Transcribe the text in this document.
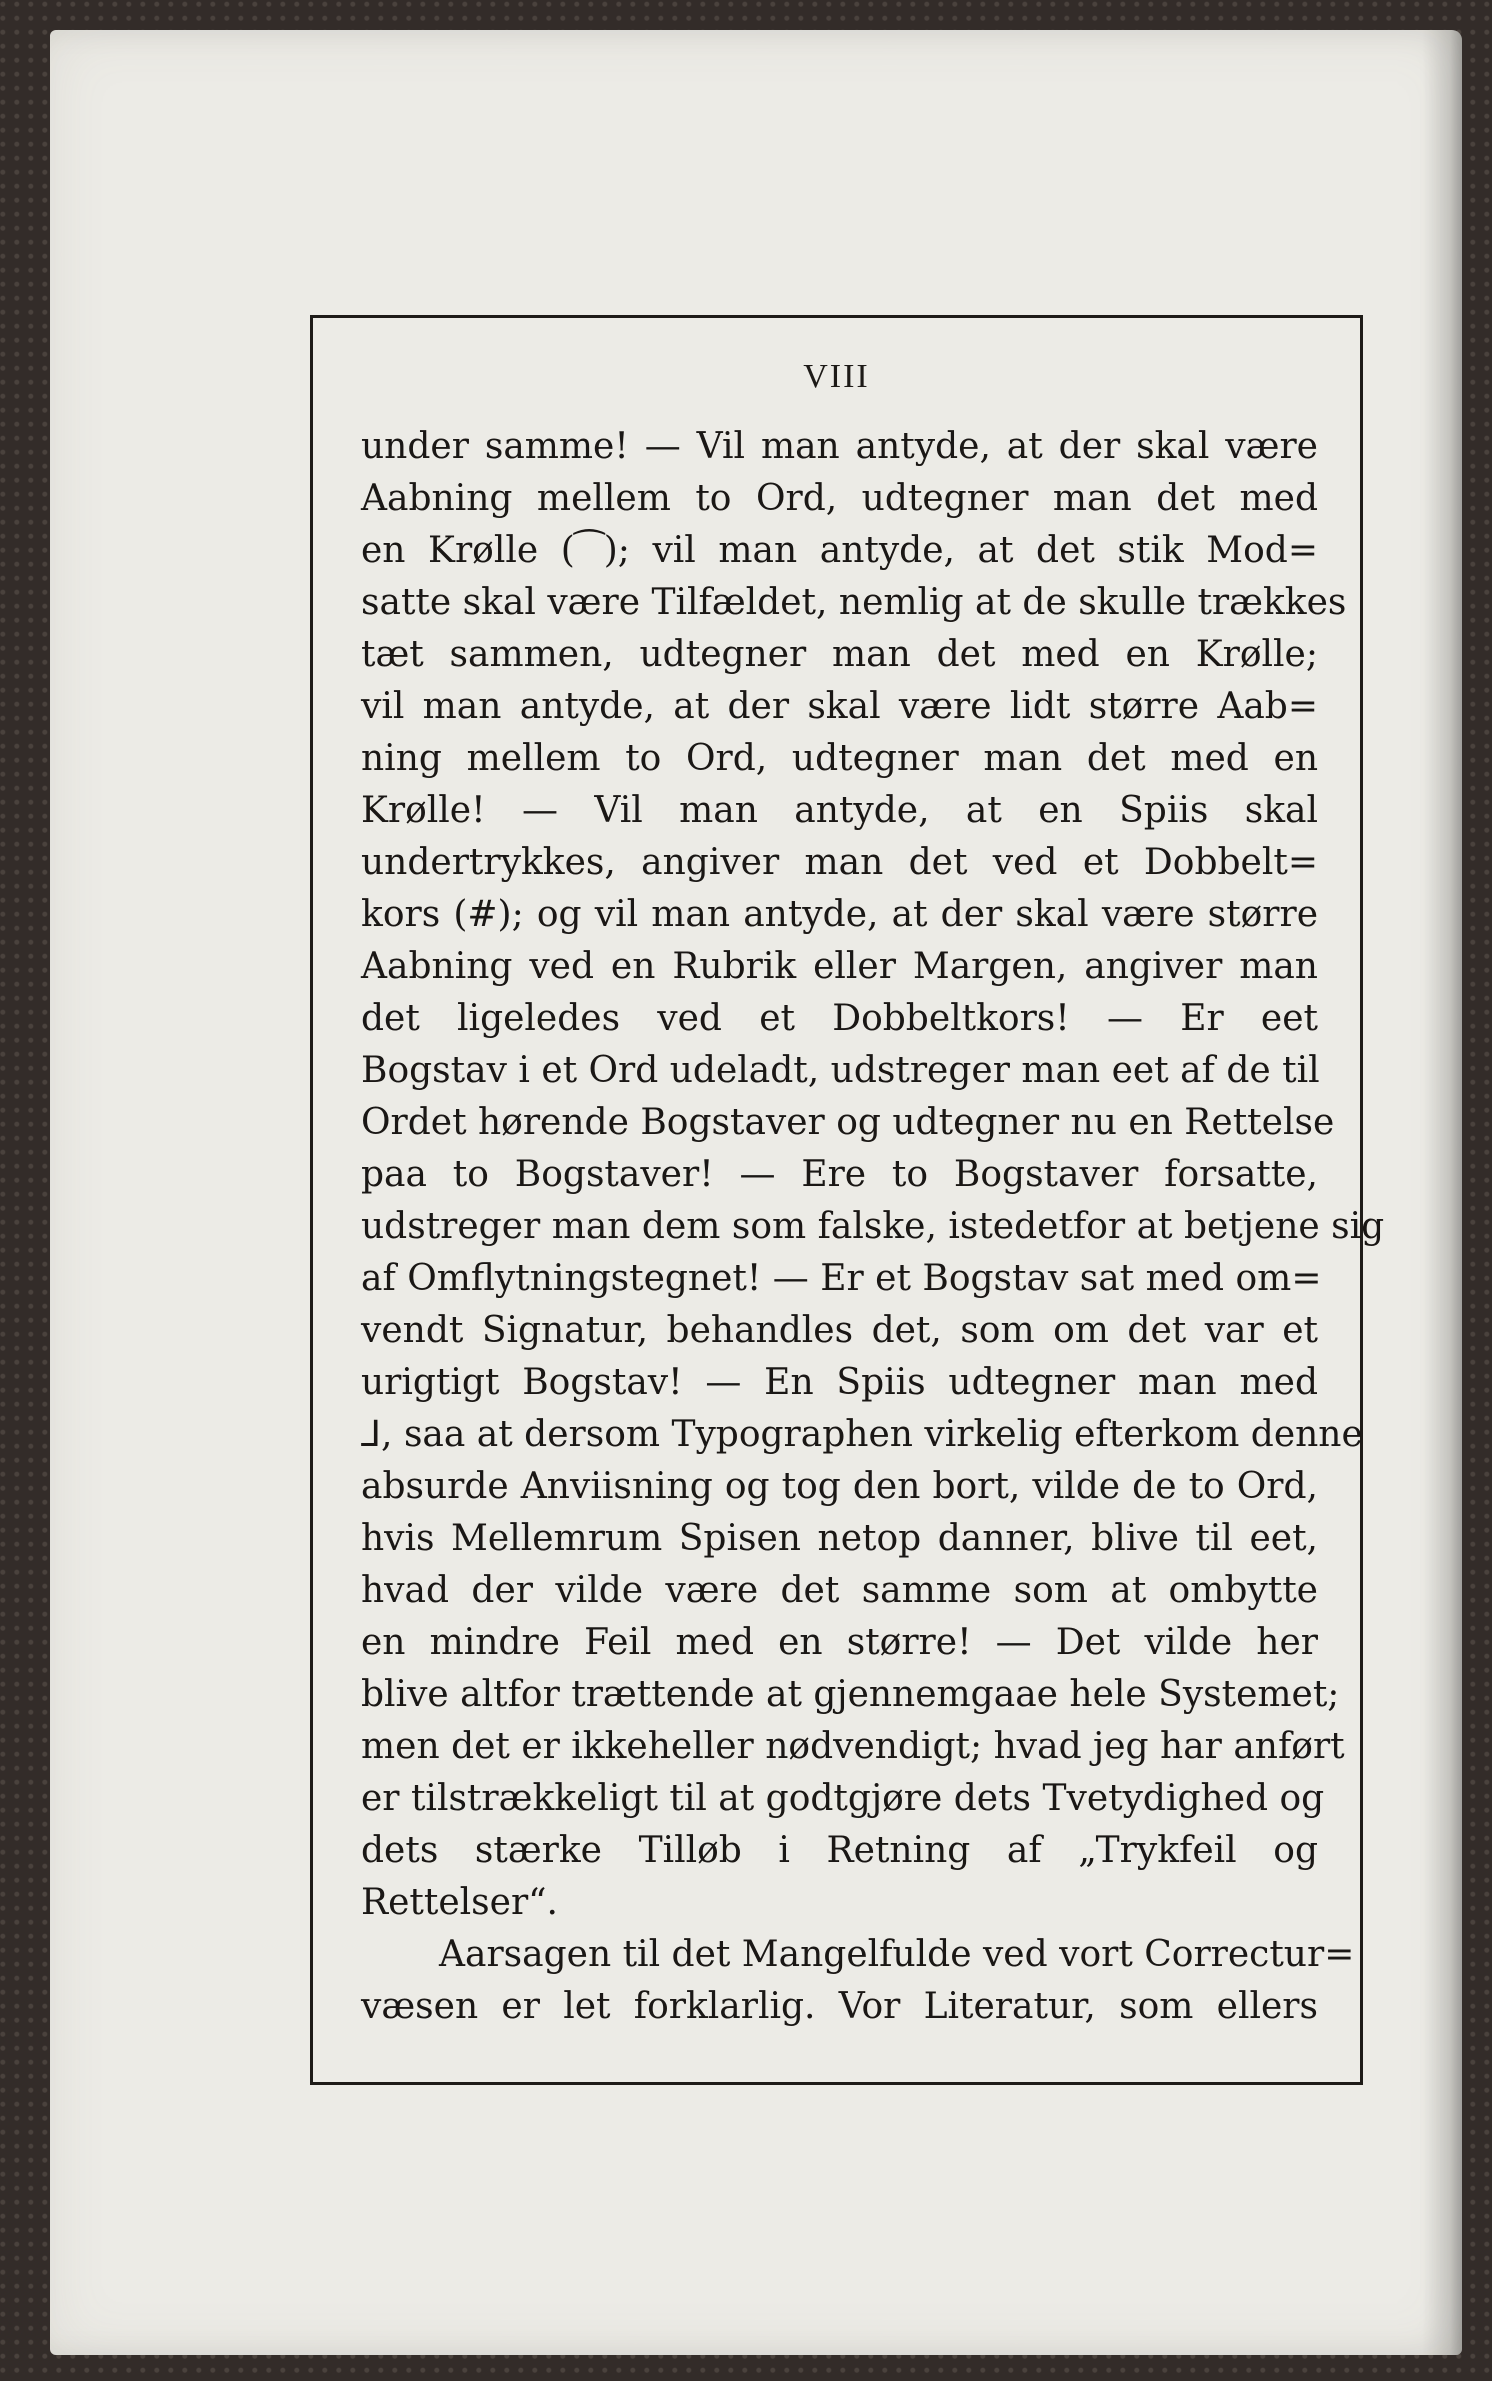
VIII
under samme! — Vil man antyde, at der skal være
Aabning mellem to Ord, udtegner man det med
en Krølle (⁀); vil man antyde, at det stik Mod=
satte skal være Tilfældet, nemlig at de skulle trækkes
tæt sammen, udtegner man det med en Krølle;
vil man antyde, at der skal være lidt større Aab=
ning mellem to Ord, udtegner man det med en
Krølle! — Vil man antyde, at en Spiis skal
undertrykkes, angiver man det ved et Dobbelt=
kors (#); og vil man antyde, at der skal være større
Aabning ved en Rubrik eller Margen, angiver man
det ligeledes ved et Dobbeltkors! — Er eet
Bogstav i et Ord udeladt, udstreger man eet af de til
Ordet hørende Bogstaver og udtegner nu en Rettelse
paa to Bogstaver! — Ere to Bogstaver forsatte,
udstreger man dem som falske, istedetfor at betjene sig
af Omflytningstegnet! — Er et Bogstav sat med om=
vendt Signatur, behandles det, som om det var et
urigtigt Bogstav! — En Spiis udtegner man med
⅃, saa at dersom Typographen virkelig efterkom denne
absurde Anviisning og tog den bort, vilde de to Ord,
hvis Mellemrum Spisen netop danner, blive til eet,
hvad der vilde være det samme som at ombytte
en mindre Feil med en større! — Det vilde her
blive altfor trættende at gjennemgaae hele Systemet;
men det er ikkeheller nødvendigt; hvad jeg har anført
er tilstrækkeligt til at godtgjøre dets Tvetydighed og
dets stærke Tilløb i Retning af „Trykfeil og
Rettelser“.
Aarsagen til det Mangelfulde ved vort Correctur=
væsen er let forklarlig. Vor Literatur, som ellers
